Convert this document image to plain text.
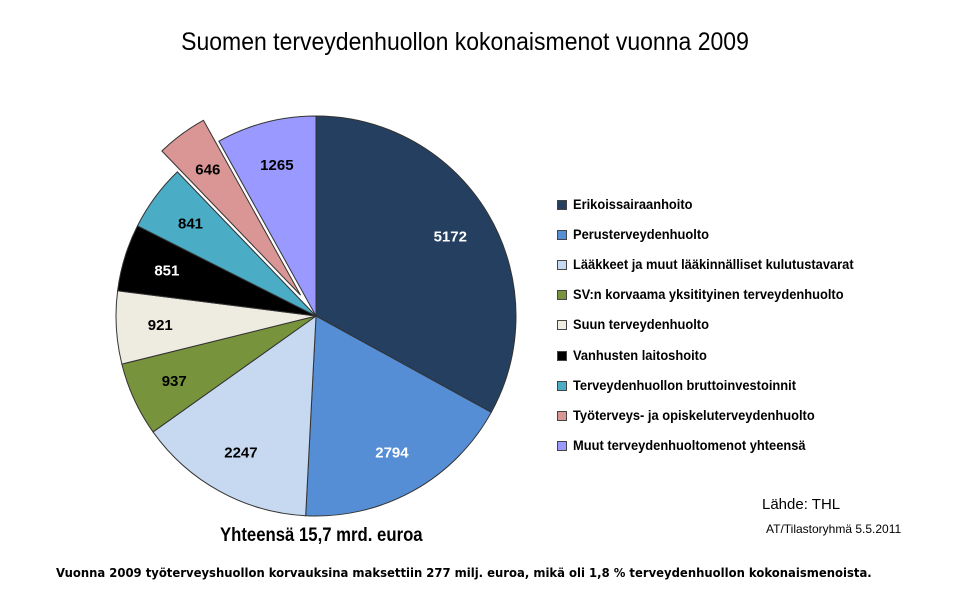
Suomen terveydenhuollon kokonaismenot vuonna 2009
5172
2794
2247
937
921
851
841
646	1265
Erikoissairaanhoito
Perusterveydenhuolto
Lääkkeet ja muut lääkinnälliset kulutustavarat
SV:n korvaama yksitityinen terveydenhuolto
Suun terveydenhuolto
Vanhusten laitoshoito
Terveydenhuollon bruttoinvestoinnit
Työterveys- ja opiskeluterveydenhuolto
Muut terveydenhuoltomenot yhteensä
Yhteensä 15,7 mrd. euroa
Lähde: THL
AT/Tilastoryhmä 5.5.2011
Vuonna 2009 työterveyshuollon korvauksina maksettiin 277 milj. euroa, mikä oli 1,8 % terveydenhuollon kokonaismenoista.
